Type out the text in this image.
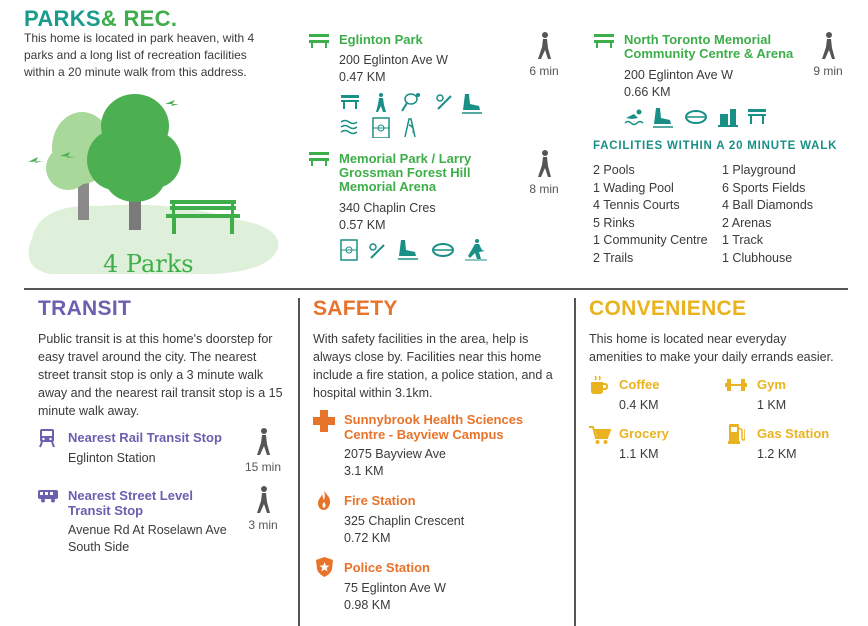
PARKS& REC.
This home is located in park heaven, with 4
parks and a long list of recreation facilities
within a 20 minute walk from this address.
4 Parks
Eglinton Park
200 Eglinton Ave W
0.47 KM	6 min
Memorial Park / Larry
Grossman Forest Hill
Memorial Arena
340 Chaplin Cres
0.57 KM
8 min
North Toronto Memorial
Community Centre & Arena
200 Eglinton Ave W
0.66 KM
9 min
FACILITIES WITHIN A 20 MINUTE WALK
2 Pools
1 Wading Pool
4 Tennis Courts
5 Rinks
1 Community Centre
2 Trails
1 Playground
6 Sports Fields
4 Ball Diamonds
2 Arenas
1 Track
1 Clubhouse
TRANSIT
Public transit is at this home's doorstep for
easy travel around the city. The nearest
street transit stop is only a 3 minute walk
away and the nearest rail transit stop is a 15
minute walk away.
Nearest Rail Transit Stop
Eglinton Station
15 min
Nearest Street Level
Transit Stop
Avenue Rd At Roselawn Ave
South Side
3 min
SAFETY
With safety facilities in the area, help is
always close by. Facilities near this home
include a fire station, a police station, and a
hospital within 3.1km.
Sunnybrook Health Sciences
Centre - Bayview Campus
2075 Bayview Ave
3.1 KM
Fire Station
325 Chaplin Crescent
0.72 KM
Police Station
75 Eglinton Ave W
0.98 KM
CONVENIENCE
This home is located near everyday
amenities to make your daily errands easier.
Coffee
0.4 KM
Gym
1 KM
Grocery
1.1 KM
Gas Station
1.2 KM
